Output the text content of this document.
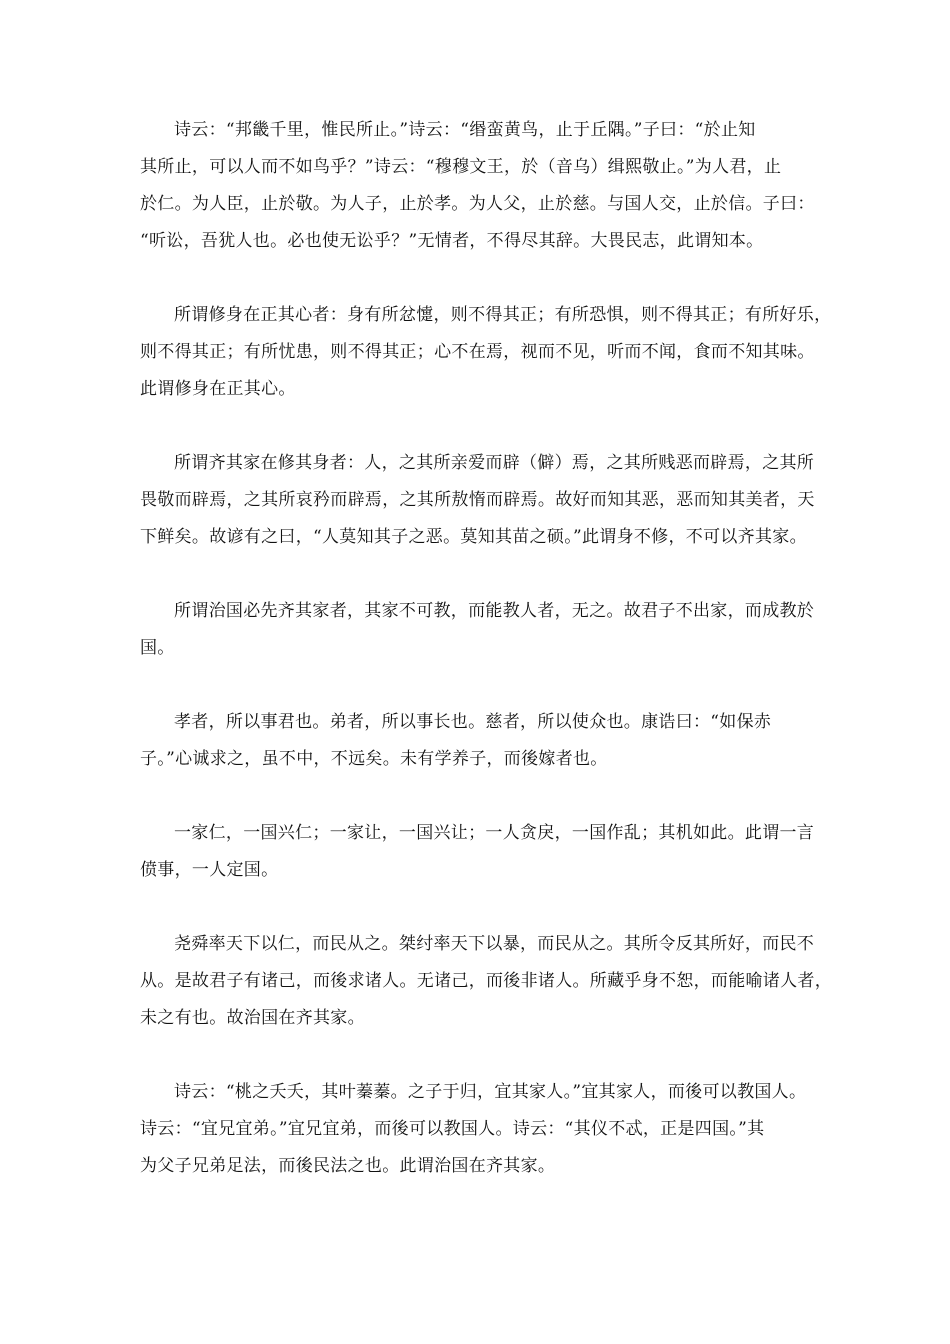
诗云：“邦畿千里，惟民所止。”诗云：“缗蛮黄鸟，止于丘隅。”子曰：“於止知
其所止，可以人而不如鸟乎？”诗云：“穆穆文王，於（音乌）缉熙敬止。”为人君，止
於仁。为人臣，止於敬。为人子，止於孝。为人父，止於慈。与国人交，止於信。子曰：
“听讼，吾犹人也。必也使无讼乎？”无情者，不得尽其辞。大畏民志，此谓知本。
所谓修身在正其心者：身有所忿懥，则不得其正；有所恐惧，则不得其正；有所好乐，
则不得其正；有所忧患，则不得其正；心不在焉，视而不见，听而不闻，食而不知其味。
此谓修身在正其心。
所谓齐其家在修其身者：人，之其所亲爱而辟（僻）焉，之其所贱恶而辟焉，之其所
畏敬而辟焉，之其所哀矜而辟焉，之其所敖惰而辟焉。故好而知其恶，恶而知其美者，天
下鲜矣。故谚有之曰，“人莫知其子之恶。莫知其苗之硕。”此谓身不修，不可以齐其家。
所谓治国必先齐其家者，其家不可教，而能教人者，无之。故君子不出家，而成教於
国。
孝者，所以事君也。弟者，所以事长也。慈者，所以使众也。康诰曰：“如保赤
子。”心诚求之，虽不中，不远矣。未有学养子，而後嫁者也。
一家仁，一国兴仁；一家让，一国兴让；一人贪戾，一国作乱；其机如此。此谓一言
偾事，一人定国。
尧舜率天下以仁，而民从之。桀纣率天下以暴，而民从之。其所令反其所好，而民不
从。是故君子有诸己，而後求诸人。无诸己，而後非诸人。所藏乎身不恕，而能喻诸人者，
未之有也。故治国在齐其家。
诗云：“桃之夭夭，其叶蓁蓁。之子于归，宜其家人。”宜其家人，而後可以教国人。
诗云：“宜兄宜弟。”宜兄宜弟，而後可以教国人。诗云：“其仪不忒，正是四国。”其
为父子兄弟足法，而後民法之也。此谓治国在齐其家。
